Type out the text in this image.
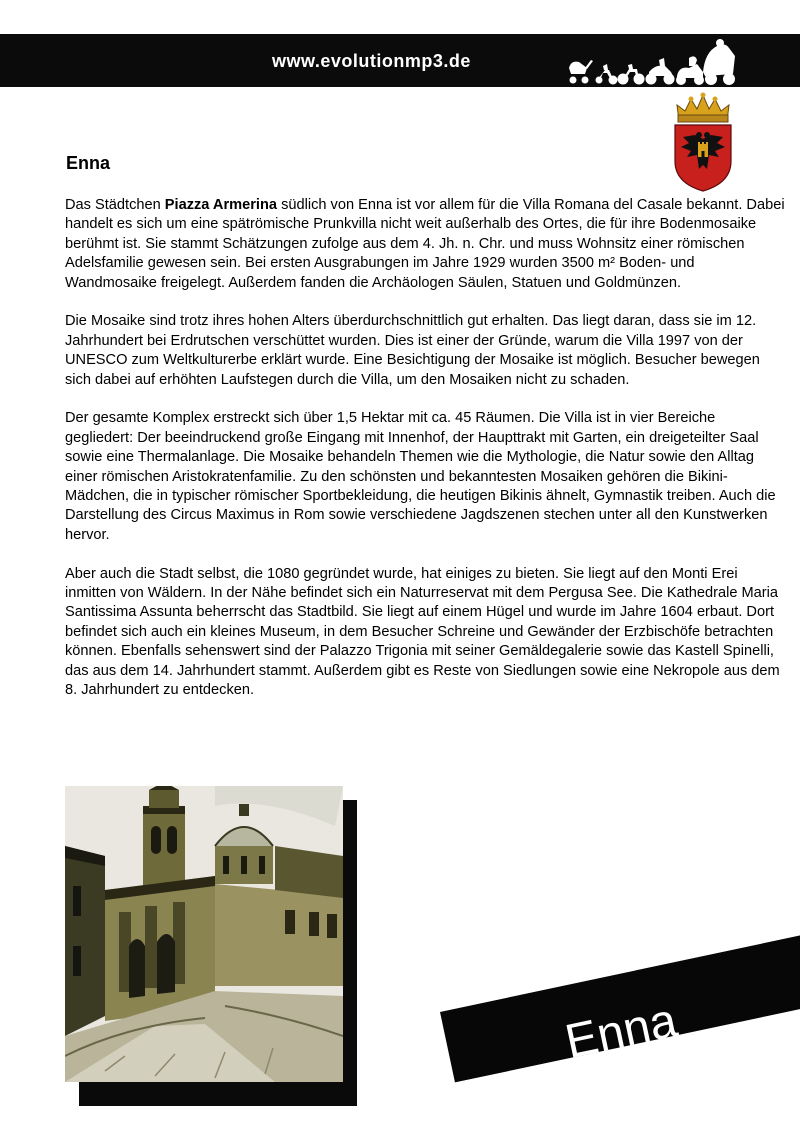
www.evolutionmp3.de
Enna

Das Städtchen Piazza Armerina südlich von Enna ist vor allem für die Villa Romana del Casale bekannt. Dabei handelt es sich um eine spätrömische Prunkvilla nicht weit außerhalb des Ortes, die für ihre Bodenmosaike berühmt ist. Sie stammt Schätzungen zufolge aus dem 4. Jh. n. Chr. und muss Wohnsitz einer römischen Adelsfamilie gewesen sein. Bei ersten Ausgrabungen im Jahre 1929 wurden 3500 m² Boden- und Wandmosaike freigelegt. Außerdem fanden die Archäologen Säulen, Statuen und Goldmünzen.

Die Mosaike sind trotz ihres hohen Alters überdurchschnittlich gut erhalten. Das liegt daran, dass sie im 12. Jahrhundert bei Erdrutschen verschüttet wurden. Dies ist einer der Gründe, warum die Villa 1997 von der UNESCO zum Weltkulturerbe erklärt wurde. Eine Besichtigung der Mosaike ist möglich. Besucher bewegen sich dabei auf erhöhten Laufstegen durch die Villa, um den Mosaiken nicht zu schaden.

Der gesamte Komplex erstreckt sich über 1,5 Hektar mit ca. 45 Räumen. Die Villa ist in vier Bereiche gegliedert: Der beeindruckend große Eingang mit Innenhof, der Haupttrakt mit Garten, ein dreigeteilter Saal sowie eine Thermalanlage. Die Mosaike behandeln Themen wie die Mythologie, die Natur sowie den Alltag einer römischen Aristokratenfamilie. Zu den schönsten und bekanntesten Mosaiken gehören die Bikini-Mädchen, die in typischer römischer Sportbekleidung, die heutigen Bikinis ähnelt, Gymnastik treiben. Auch die Darstellung des Circus Maximus in Rom sowie verschiedene Jagdszenen stechen unter all den Kunstwerken hervor.

Aber auch die Stadt selbst, die 1080 gegründet wurde, hat einiges zu bieten. Sie liegt auf den Monti Erei inmitten von Wäldern. In der Nähe befindet sich ein Naturreservat mit dem Pergusa See. Die Kathedrale Maria Santissima Assunta beherrscht das Stadtbild. Sie liegt auf einem Hügel und wurde im Jahre 1604 erbaut. Dort befindet sich auch ein kleines Museum, in dem Besucher Schreine und Gewänder der Erzbischöfe betrachten können. Ebenfalls sehenswert sind der Palazzo Trigonia mit seiner Gemäldegalerie sowie das Kastell Spinelli, das aus dem 14. Jahrhundert stammt. Außerdem gibt es Reste von Siedlungen sowie eine Nekropole aus dem 8. Jahrhundert zu entdecken.

Enna
